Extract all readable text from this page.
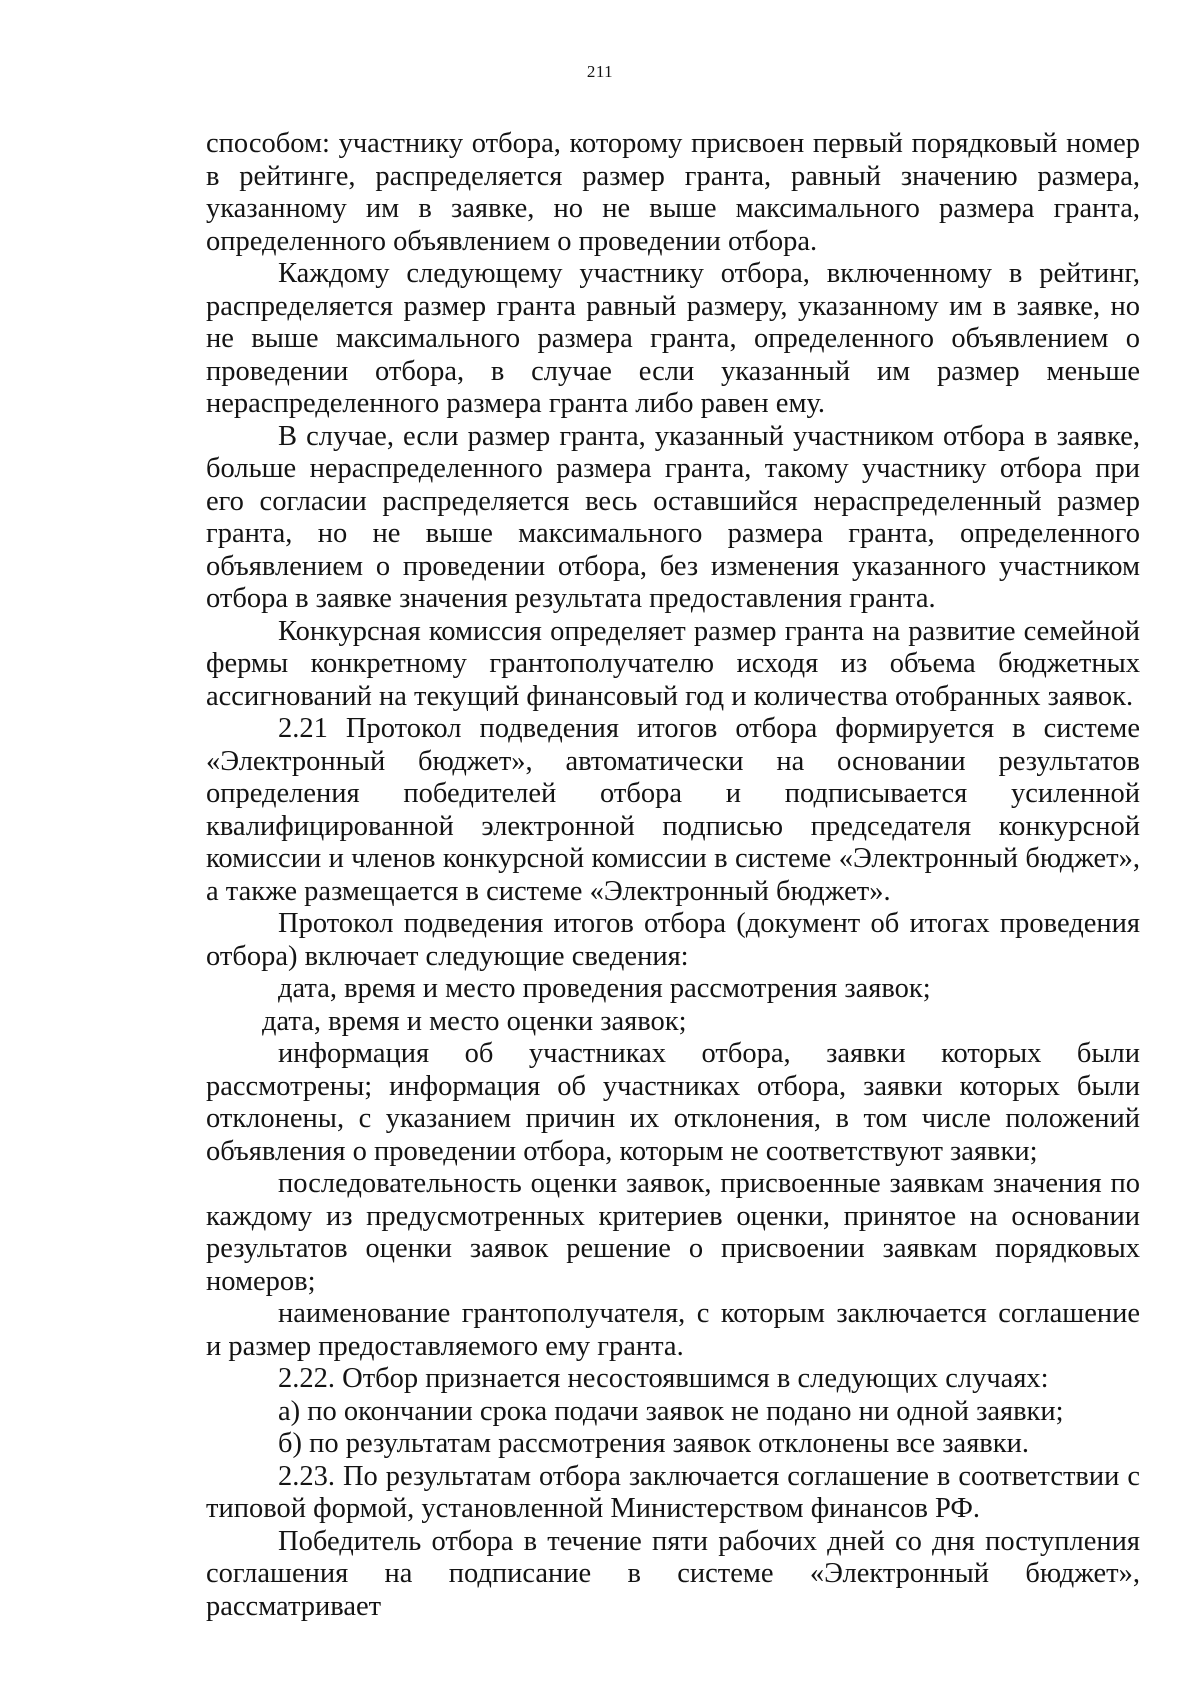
211

способом: участнику отбора, которому присвоен первый порядковый номер в рейтинге, распределяется размер гранта, равный значению размера, указанному им в заявке, но не выше максимального размера гранта, определенного объявлением о проведении отбора.

Каждому следующему участнику отбора, включенному в рейтинг, распределяется размер гранта равный размеру, указанному им в заявке, но не выше максимального размера гранта, определенного объявлением о проведении отбора, в случае если указанный им размер меньше нераспределенного размера гранта либо равен ему.

В случае, если размер гранта, указанный участником отбора в заявке, больше нераспределенного размера гранта, такому участнику отбора при его согласии распределяется весь оставшийся нераспределенный размер гранта, но не выше максимального размера гранта, определенного объявлением о проведении отбора, без изменения указанного участником отбора в заявке значения результата предоставления гранта.

Конкурсная комиссия определяет размер гранта на развитие семейной фермы конкретному грантополучателю исходя из объема бюджетных ассигнований на текущий финансовый год и количества отобранных заявок.

2.21 Протокол подведения итогов отбора формируется в системе «Электронный бюджет», автоматически на основании результатов определения победителей отбора и подписывается усиленной квалифицированной электронной подписью председателя конкурсной комиссии и членов конкурсной комиссии в системе «Электронный бюджет», а также размещается в системе «Электронный бюджет».

Протокол подведения итогов отбора (документ об итогах проведения отбора) включает следующие сведения:

дата, время и место проведения рассмотрения заявок;

дата, время и место оценки заявок;

информация об участниках отбора, заявки которых были рассмотрены; информация об участниках отбора, заявки которых были отклонены, с указанием причин их отклонения, в том числе положений объявления о проведении отбора, которым не соответствуют заявки;

последовательность оценки заявок, присвоенные заявкам значения по каждому из предусмотренных критериев оценки, принятое на основании результатов оценки заявок решение о присвоении заявкам порядковых номеров;

наименование грантополучателя, с которым заключается соглашение и размер предоставляемого ему гранта.

2.22. Отбор признается несостоявшимся в следующих случаях:

а) по окончании срока подачи заявок не подано ни одной заявки;

б) по результатам рассмотрения заявок отклонены все заявки.

2.23. По результатам отбора заключается соглашение в соответствии с типовой формой, установленной Министерством финансов РФ.

Победитель отбора в течение пяти рабочих дней со дня поступления соглашения на подписание в системе «Электронный бюджет», рассматривает
